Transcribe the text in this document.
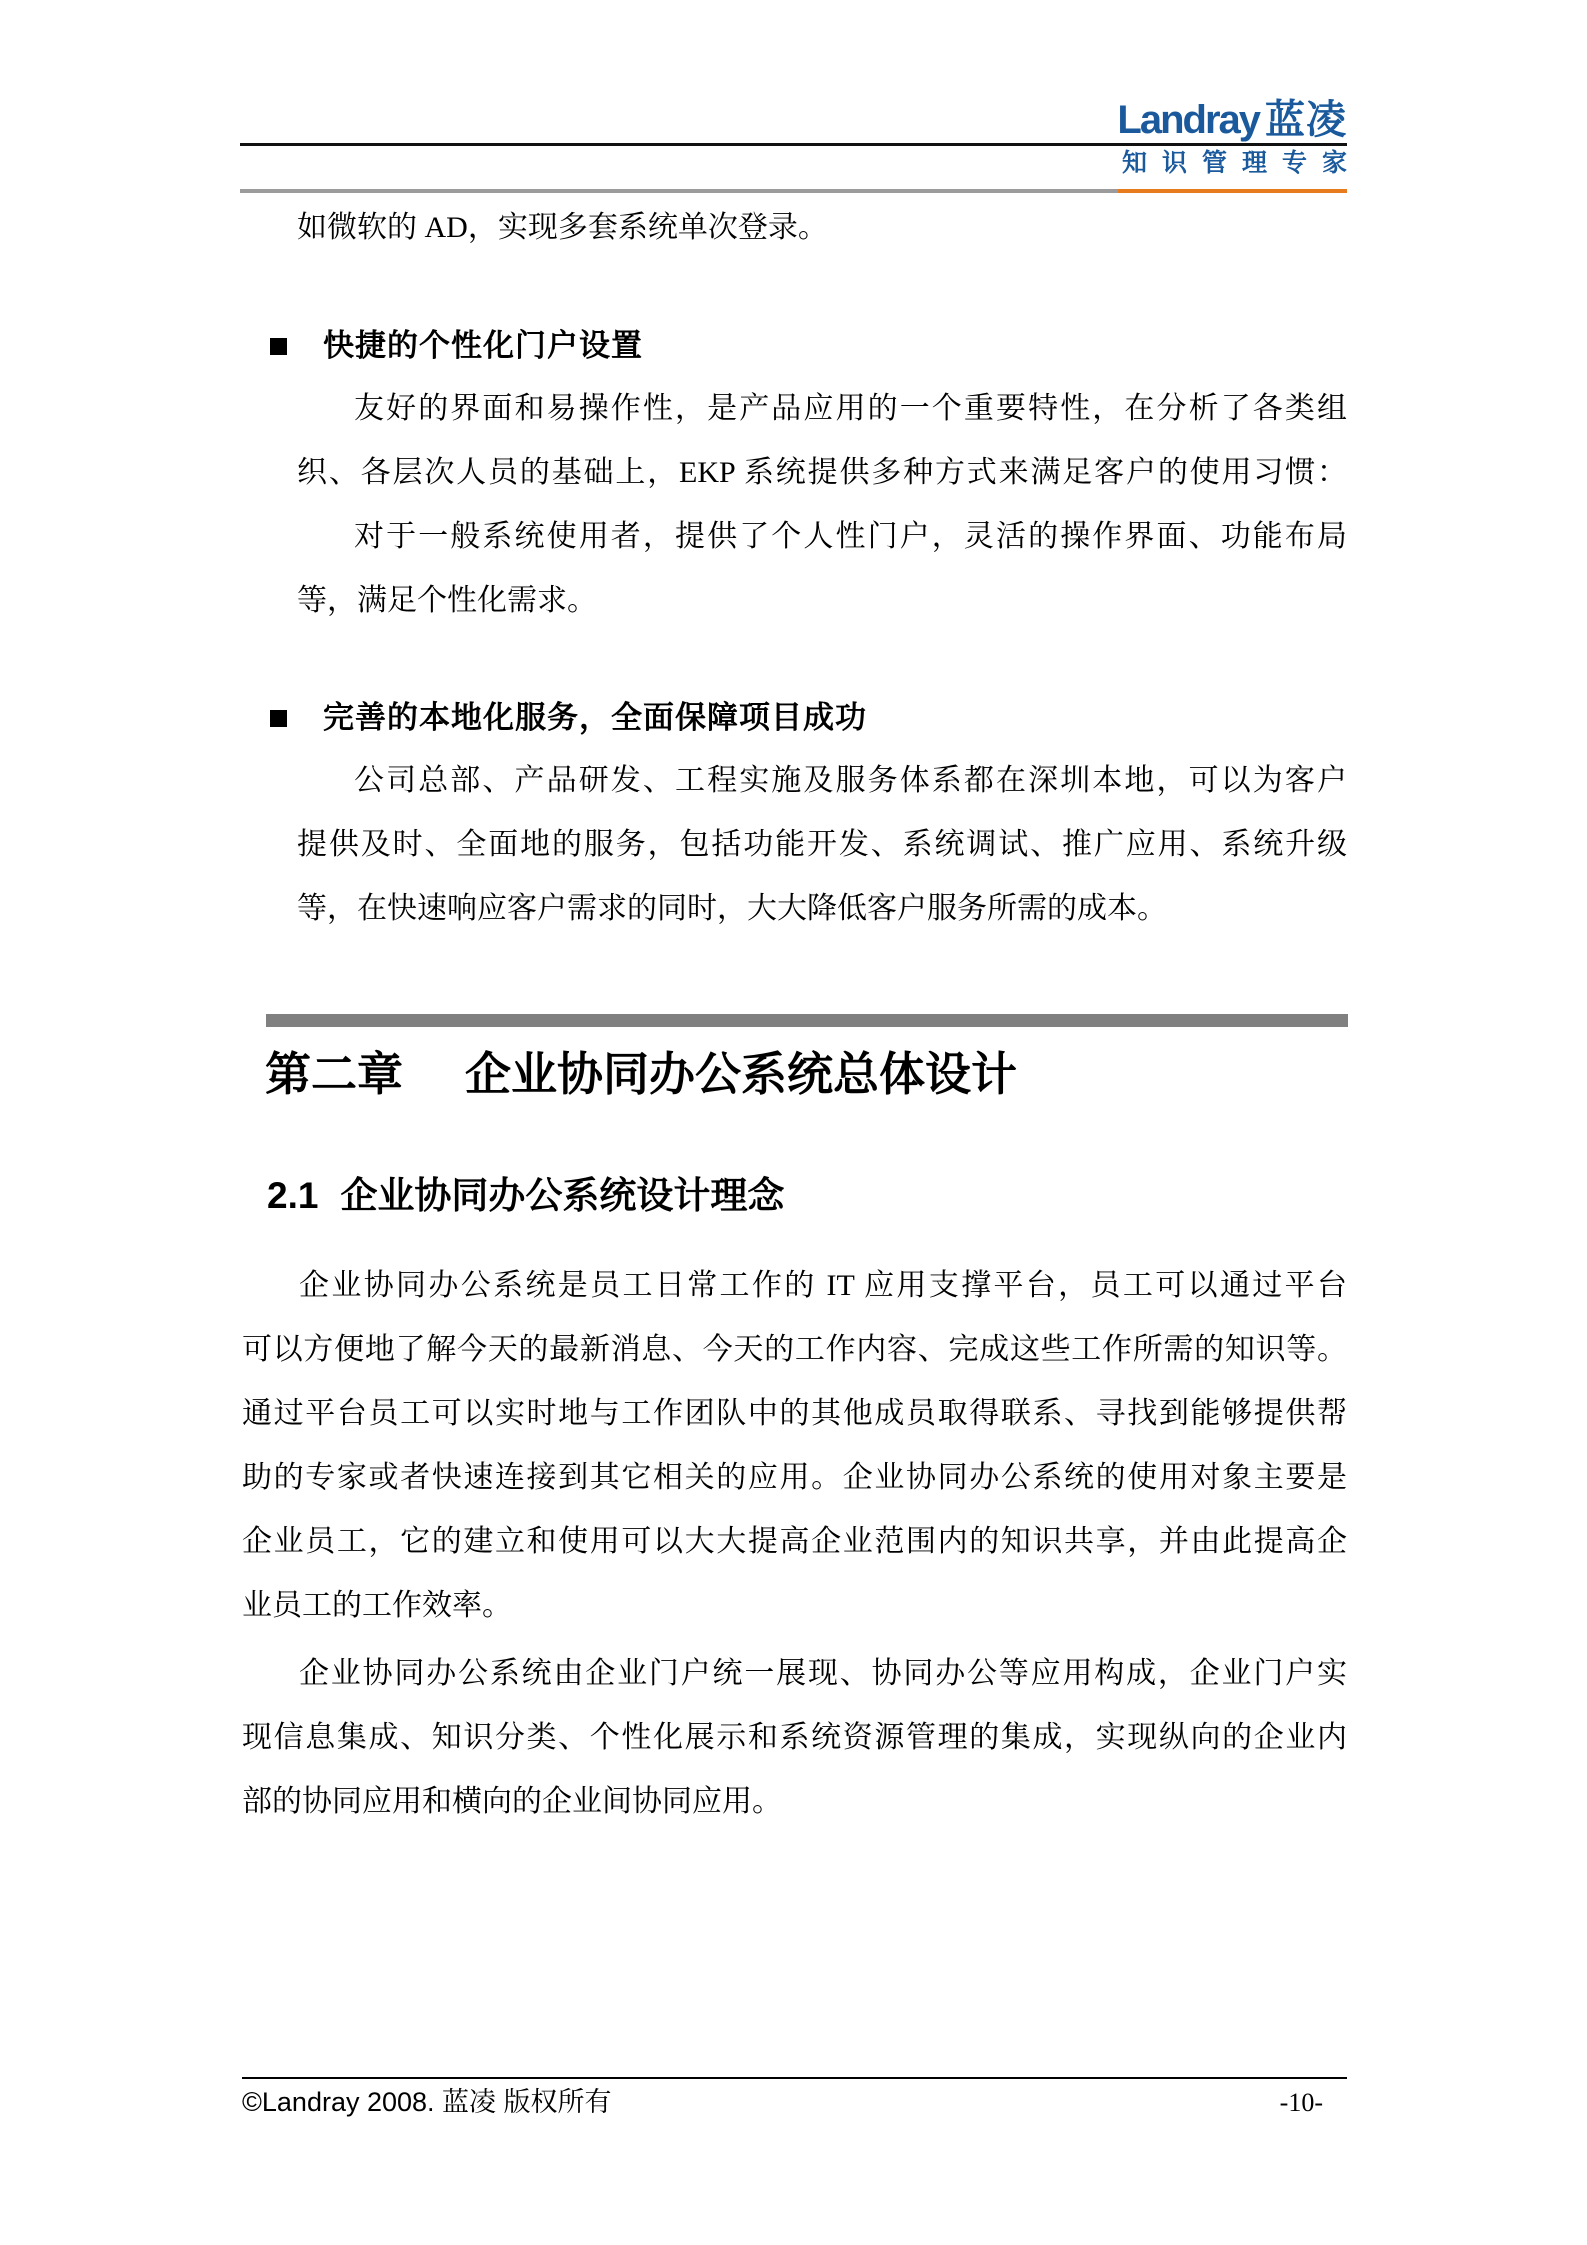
Landray 蓝凌
知识管理专家
如微软的 AD，实现多套系统单次登录。
快捷的个性化门户设置
友好的界面和易操作性，是产品应用的一个重要特性，在分析了各类组
织、各层次人员的基础上，EKP 系统提供多种方式来满足客户的使用习惯：
对于一般系统使用者，提供了个人性门户，灵活的操作界面、功能布局
等，满足个性化需求。
完善的本地化服务，全面保障项目成功
公司总部、产品研发、工程实施及服务体系都在深圳本地，可以为客户
提供及时、全面地的服务，包括功能开发、系统调试、推广应用、系统升级
等，在快速响应客户需求的同时，大大降低客户服务所需的成本。
第二章 企业协同办公系统总体设计
2.1 企业协同办公系统设计理念
企业协同办公系统是员工日常工作的 IT 应用支撑平台，员工可以通过平台
可以方便地了解今天的最新消息、今天的工作内容、完成这些工作所需的知识等。
通过平台员工可以实时地与工作团队中的其他成员取得联系、寻找到能够提供帮
助的专家或者快速连接到其它相关的应用。企业协同办公系统的使用对象主要是
企业员工，它的建立和使用可以大大提高企业范围内的知识共享，并由此提高企
业员工的工作效率。
企业协同办公系统由企业门户统一展现、协同办公等应用构成，企业门户实
现信息集成、知识分类、个性化展示和系统资源管理的集成，实现纵向的企业内
部的协同应用和横向的企业间协同应用。
©Landray 2008. 蓝凌 版权所有	-10-
